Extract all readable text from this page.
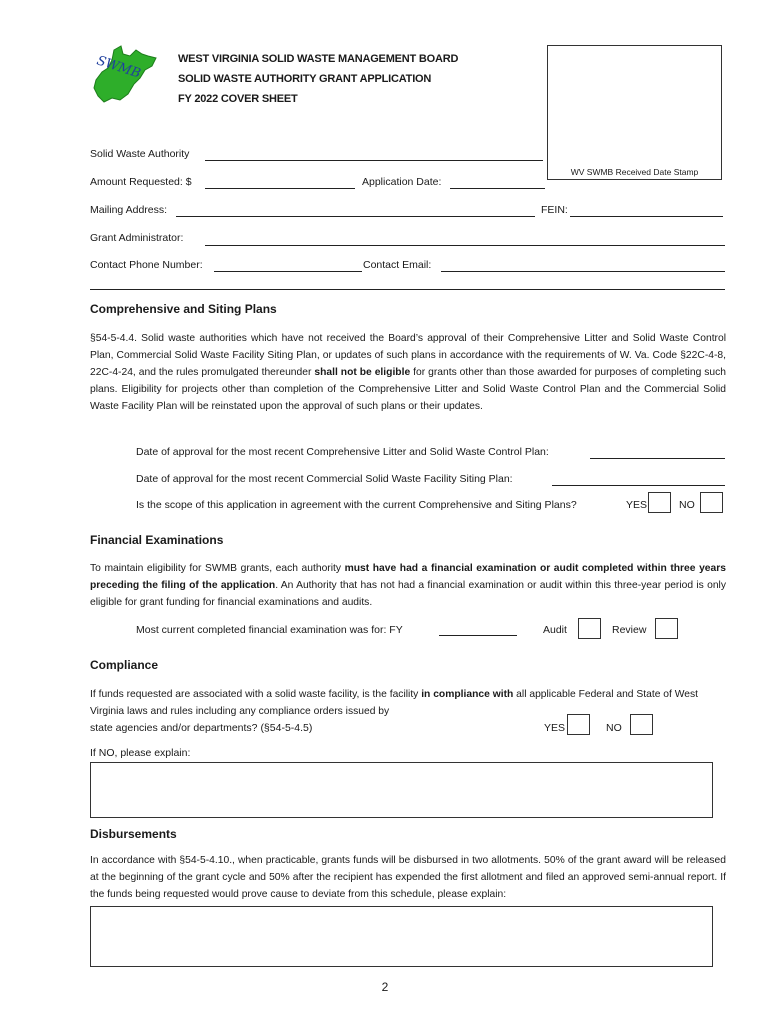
SWMB	WEST VIRGINIA SOLID WASTE MANAGEMENT BOARD
SOLID WASTE AUTHORITY GRANT APPLICATION
FY 2022 COVER SHEET
WV SWMB Received Date Stamp
Solid Waste Authority
Amount Requested: $	Application Date:
Mailing Address:	FEIN:
Grant Administrator:
Contact Phone Number:	Contact Email:
Comprehensive and Siting Plans
§54-5-4.4. Solid waste authorities which have not received the Board’s approval of their Comprehensive Litter and Solid Waste Control Plan, Commercial Solid Waste Facility Siting Plan, or updates of such plans in accordance with the requirements of W. Va. Code §22C-4-8, 22C-4-24, and the rules promulgated thereunder shall not be eligible for grants other than those awarded for purposes of completing such plans. Eligibility for projects other than completion of the Comprehensive Litter and Solid Waste Control Plan and the Commercial Solid Waste Facility Plan will be reinstated upon the approval of such plans or their updates.
Date of approval for the most recent Comprehensive Litter and Solid Waste Control Plan:
Date of approval for the most recent Commercial Solid Waste Facility Siting Plan:
Is the scope of this application in agreement with the current Comprehensive and Siting Plans?	YES	NO
Financial Examinations
To maintain eligibility for SWMB grants, each authority must have had a financial examination or audit completed within three years preceding the filing of the application. An Authority that has not had a financial examination or audit within this three-year period is only eligible for grant funding for financial examinations and audits.
Most current completed financial examination was for: FY	Audit	Review
Compliance
If funds requested are associated with a solid waste facility, is the facility in compliance with all applicable Federal and State of West Virginia laws and rules including any compliance orders issued by
state agencies and/or departments? (§54-5-4.5)	YES	NO
If NO, please explain:
Disbursements
In accordance with §54-5-4.10., when practicable, grants funds will be disbursed in two allotments. 50% of the grant award will be released at the beginning of the grant cycle and 50% after the recipient has expended the first allotment and filed an approved semi-annual report. If the funds being requested would prove cause to deviate from this schedule, please explain:
2
